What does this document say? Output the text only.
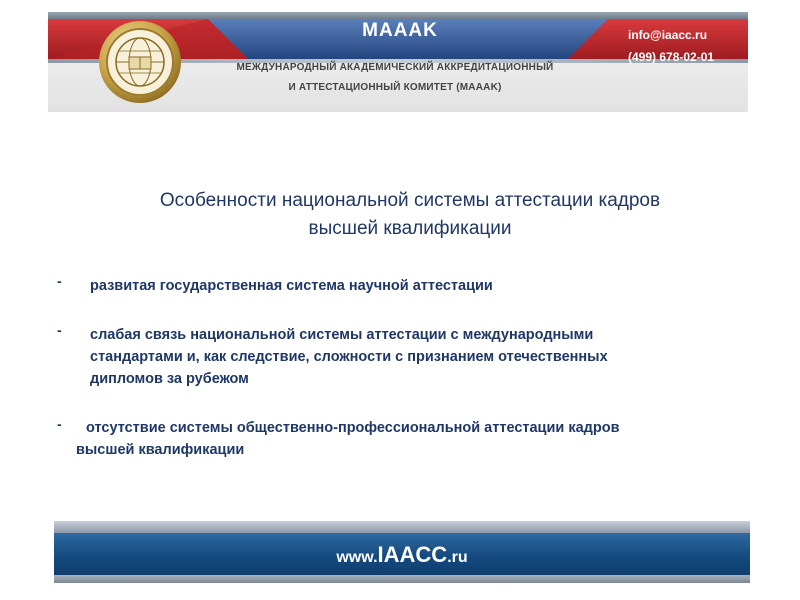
МААAK	info@iaacc.ru
(499) 678-02-01
МЕЖДУНАРОДНЫЙ АКАДЕМИЧЕСКИЙ АККРЕДИТАЦИОННЫЙ
И АТТЕСТАЦИОННЫЙ КОМИТЕТ (МААAK)
Особенности национальной системы аттестации кадров
высшей квалификации
- развитая государственная система научной аттестации
- слабая связь национальной системы аттестации с международными
стандартами и, как следствие, сложности с признанием отечественных
дипломов за рубежом
-	отсутствие системы общественно-профессиональной аттестации кадров
высшей квалификации
www.IAACC.ru
